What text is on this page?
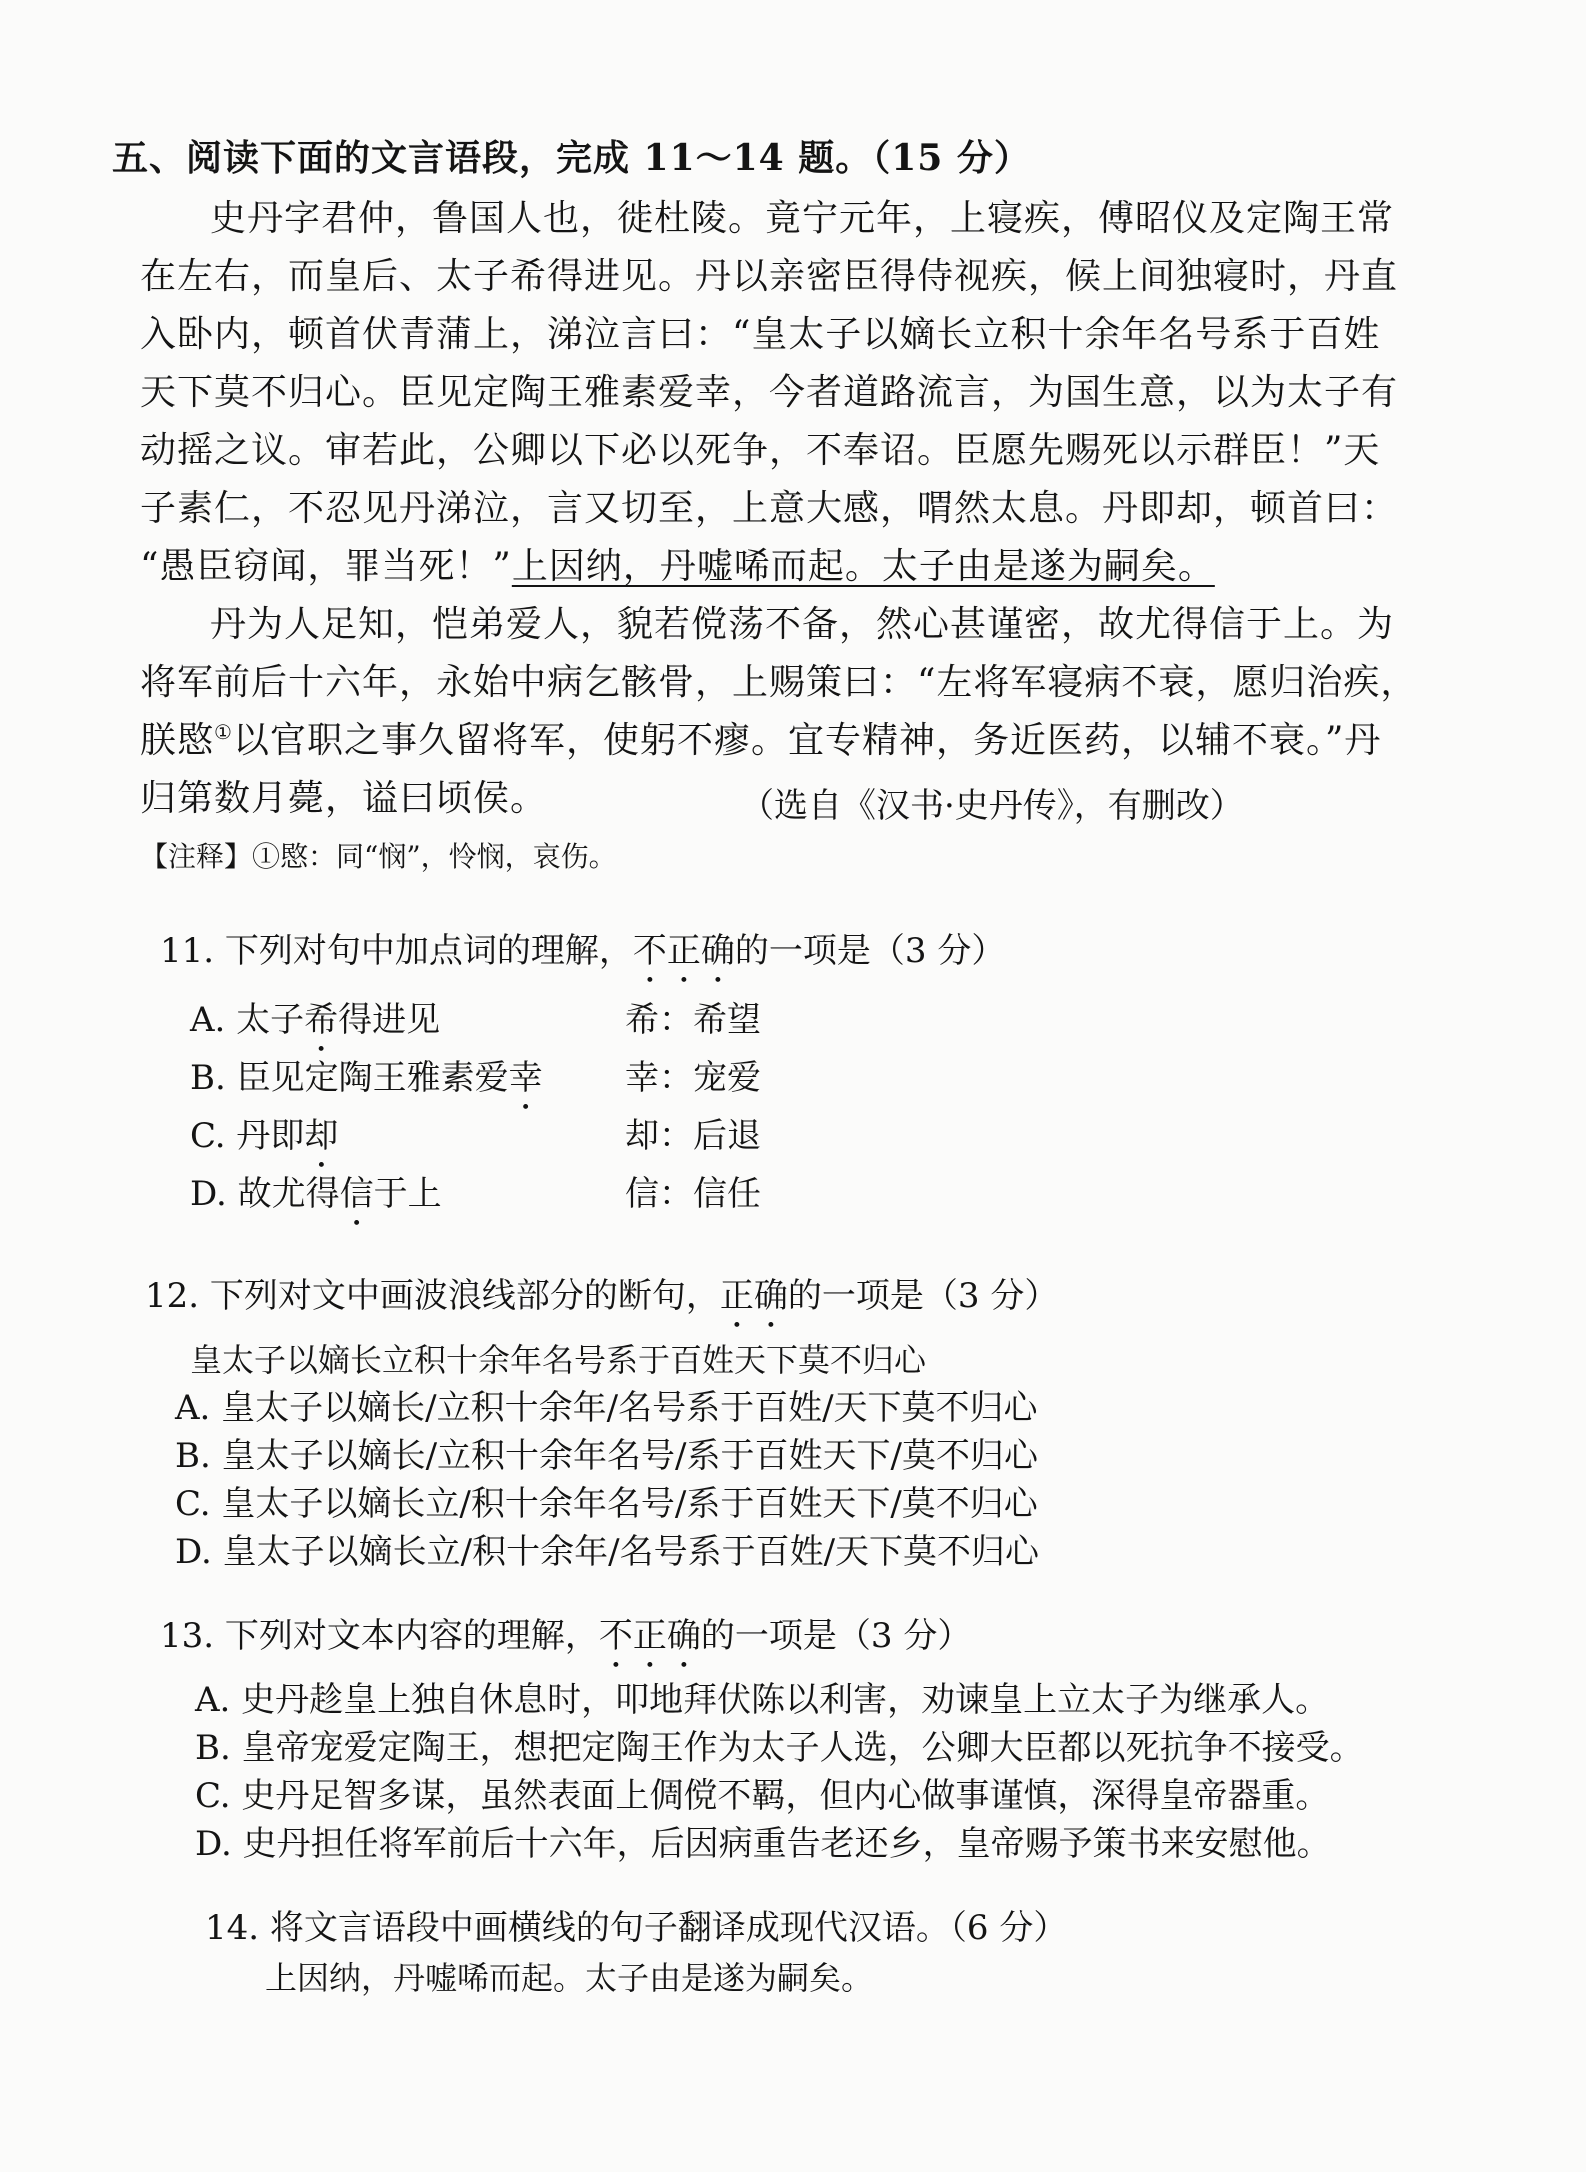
五、阅读下面的文言语段，完成 11～14 题。（15 分）
史丹字君仲，鲁国人也，徙杜陵。竟宁元年，上寝疾，傅昭仪及定陶王常
在左右，而皇后、太子希得进见。丹以亲密臣得侍视疾，候上间独寝时，丹直
入卧内，顿首伏青蒲上，涕泣言曰：“皇太子以嫡长立积十余年名号系于百姓
天下莫不归心。臣见定陶王雅素爱幸，今者道路流言，为国生意，以为太子有
动摇之议。审若此，公卿以下必以死争，不奉诏。臣愿先赐死以示群臣！”天
子素仁，不忍见丹涕泣，言又切至，上意大感，喟然太息。丹即却，顿首曰：
“愚臣窃闻，罪当死！”上因纳，丹嘘唏而起。太子由是遂为嗣矣。
丹为人足知，恺弟爱人，貌若傥荡不备，然心甚谨密，故尤得信于上。为
将军前后十六年，永始中病乞骸骨，上赐策曰：“左将军寝病不衰，愿归治疾，
朕愍①以官职之事久留将军，使躬不瘳。宜专精神，务近医药，以辅不衰。”丹
归第数月薨，谥曰顷侯。	（选自《汉书·史丹传》，有删改）
【注释】①愍：同“悯”，怜悯，哀伤。
11. 下列对句中加点词的理解，不正确的一项是（3 分）
A. 太子希得进见	希：希望
B. 臣见定陶王雅素爱幸 幸：宠爱
C. 丹即却	却：后退
D. 故尤得信于上	信：信任
12. 下列对文中画波浪线部分的断句，正确的一项是（3 分）
皇太子以嫡长立积十余年名号系于百姓天下莫不归心
A. 皇太子以嫡长/立积十余年/名号系于百姓/天下莫不归心
B. 皇太子以嫡长/立积十余年名号/系于百姓天下/莫不归心
C. 皇太子以嫡长立/积十余年名号/系于百姓天下/莫不归心
D. 皇太子以嫡长立/积十余年/名号系于百姓/天下莫不归心
13. 下列对文本内容的理解，不正确的一项是（3 分）
A. 史丹趁皇上独自休息时，叩地拜伏陈以利害，劝谏皇上立太子为继承人。
B. 皇帝宠爱定陶王，想把定陶王作为太子人选，公卿大臣都以死抗争不接受。
C. 史丹足智多谋，虽然表面上倜傥不羁，但内心做事谨慎，深得皇帝器重。
D. 史丹担任将军前后十六年，后因病重告老还乡，皇帝赐予策书来安慰他。
14. 将文言语段中画横线的句子翻译成现代汉语。（6 分）
上因纳，丹嘘唏而起。太子由是遂为嗣矣。
